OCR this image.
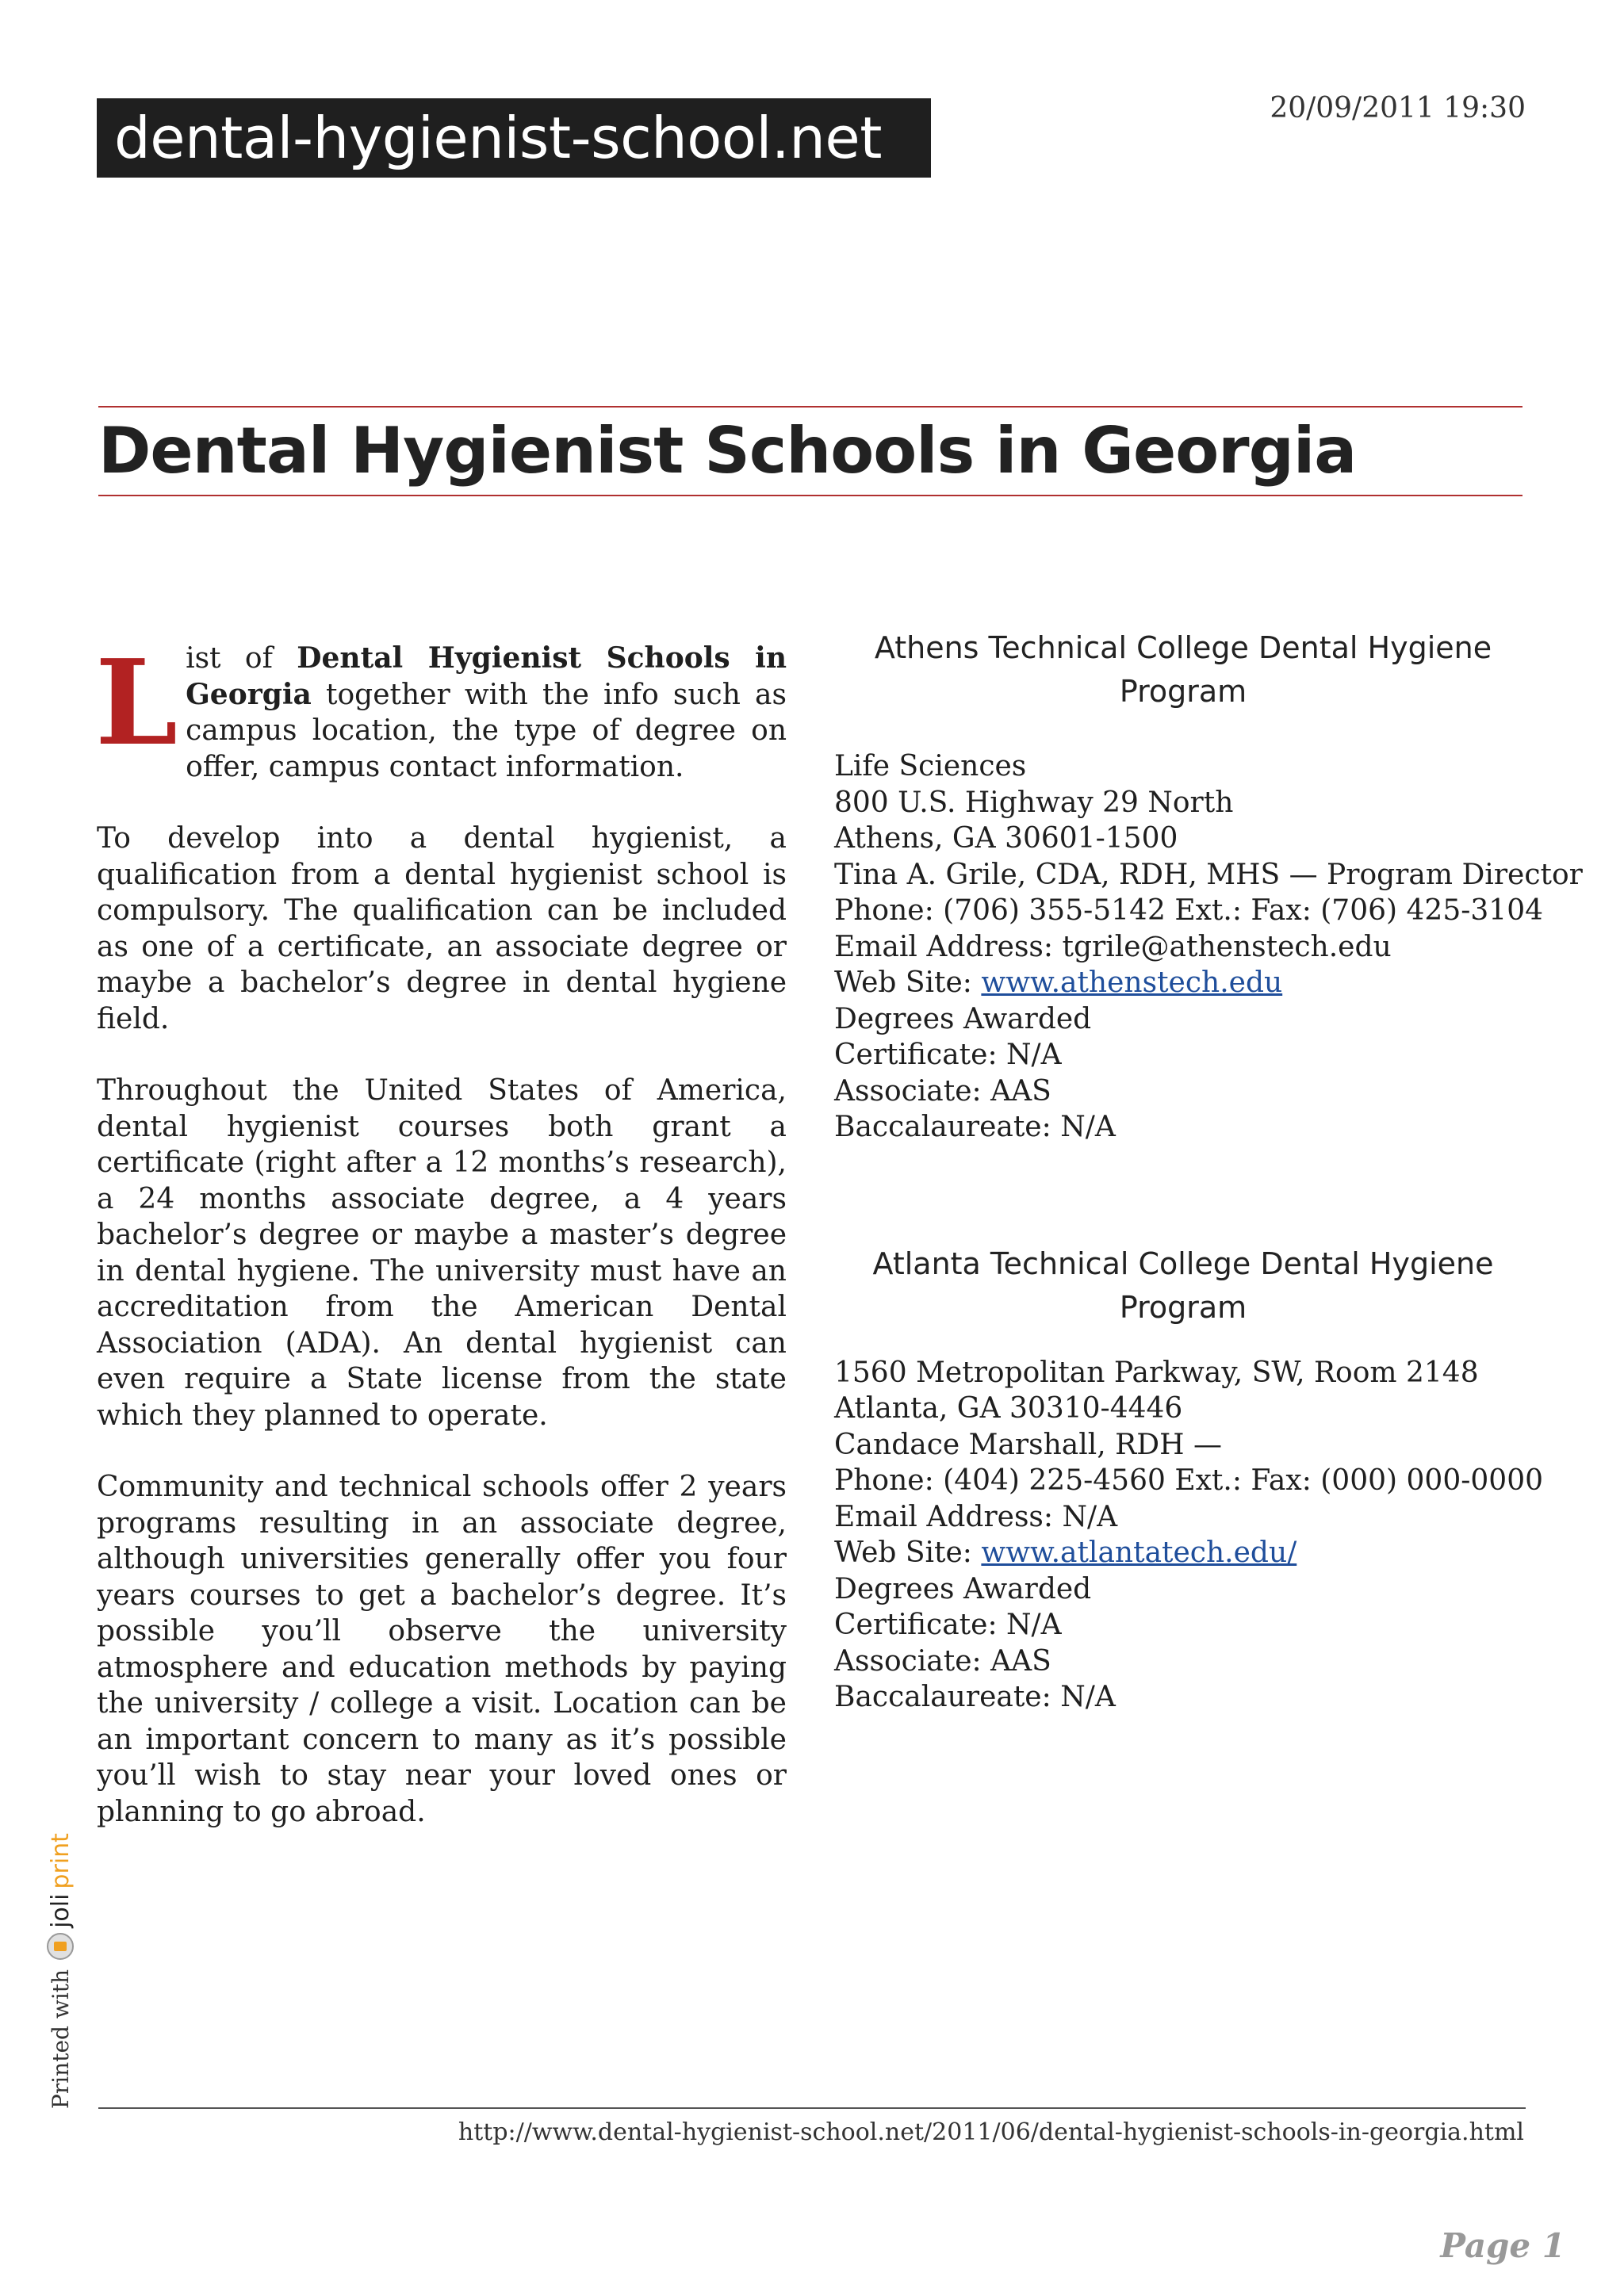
dental-hygienist-school.net	20/09/2011 19:30
Dental Hygienist Schools in Georgia

List of Dental Hygienist Schools in Georgia together with the info such as campus location, the type of degree on offer, campus contact information.

To develop into a dental hygienist, a qualification from a dental hygienist school is compulsory. The qualification can be included as one of a certificate, an associate degree or maybe a bachelor’s degree in dental hygiene field.

Throughout the United States of America, dental hygienist courses both grant a certificate (right after a 12 months’s research), a 24 months associate degree, a 4 years bachelor’s degree or maybe a master’s degree in dental hygiene. The university must have an accreditation from the American Dental Association (ADA). An dental hygienist can even require a State license from the state which they planned to operate.

Community and technical schools offer 2 years programs resulting in an associate degree, although universities generally offer you four years courses to get a bachelor’s degree. It’s possible you’ll observe the university atmosphere and education methods by paying the university / college a visit. Location can be an important concern to many as it’s possible you’ll wish to stay near your loved ones or planning to go abroad.

Athens Technical College Dental Hygiene Program
Life Sciences
800 U.S. Highway 29 North
Athens, GA 30601-1500
Tina A. Grile, CDA, RDH, MHS — Program Director
Phone: (706) 355-5142 Ext.: Fax: (706) 425-3104
Email Address: tgrile@athenstech.edu
Web Site: www.athenstech.edu
Degrees Awarded
Certificate: N/A
Associate: AAS
Baccalaureate: N/A
Atlanta Technical College Dental Hygiene Program
1560 Metropolitan Parkway, SW, Room 2148
Atlanta, GA 30310-4446
Candace Marshall, RDH —
Phone: (404) 225-4560 Ext.: Fax: (000) 000-0000
Email Address: N/A
Web Site: www.atlantatech.edu/
Degrees Awarded
Certificate: N/A
Associate: AAS
Baccalaureate: N/A
Printed with
joli
print
http://www.dental-hygienist-school.net/2011/06/dental-hygienist-schools-in-georgia.html
Page 1
